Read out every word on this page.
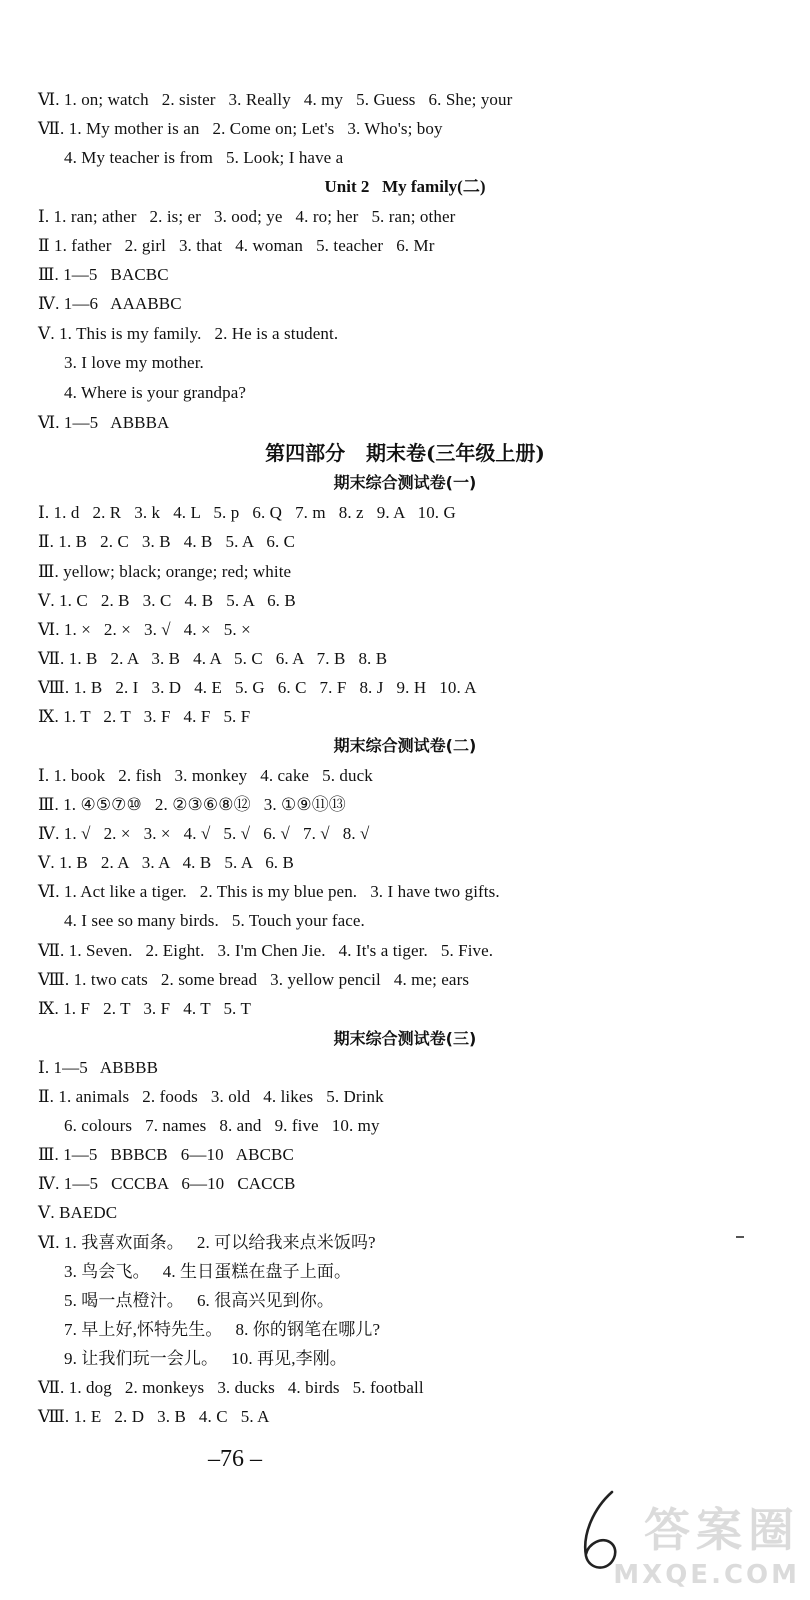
Ⅵ. 1. on; watch   2. sister   3. Really   4. my   5. Guess   6. She; your
Ⅶ. 1. My mother is an   2. Come on; Let's   3. Who's; boy
4. My teacher is from   5. Look; I have a
Unit 2   My family(二)
Ⅰ. 1. ran; ather   2. is; er   3. ood; ye   4. ro; her   5. ran; other
Ⅱ 1. father   2. girl   3. that   4. woman   5. teacher   6. Mr
Ⅲ. 1—5   BACBC
Ⅳ. 1—6   AAABBC
Ⅴ. 1. This is my family.   2. He is a student.
3. I love my mother.
4. Where is your grandpa?
Ⅵ. 1—5   ABBBA
第四部分   期末卷(三年级上册)
期末综合测试卷(一)
Ⅰ. 1. d   2. R   3. k   4. L   5. p   6. Q   7. m   8. z   9. A   10. G
Ⅱ. 1. B   2. C   3. B   4. B   5. A   6. C
Ⅲ. yellow; black; orange; red; white
Ⅴ. 1. C   2. B   3. C   4. B   5. A   6. B
Ⅵ. 1. ×   2. ×   3. √   4. ×   5. ×
Ⅶ. 1. B   2. A   3. B   4. A   5. C   6. A   7. B   8. B
Ⅷ. 1. B   2. I   3. D   4. E   5. G   6. C   7. F   8. J   9. H   10. A
Ⅸ. 1. T   2. T   3. F   4. F   5. F
期末综合测试卷(二)
Ⅰ. 1. book   2. fish   3. monkey   4. cake   5. duck
Ⅲ. 1. ④⑤⑦⑩   2. ②③⑥⑧⑫   3. ①⑨⑪⑬
Ⅳ. 1. √   2. ×   3. ×   4. √   5. √   6. √   7. √   8. √
Ⅴ. 1. B   2. A   3. A   4. B   5. A   6. B
Ⅵ. 1. Act like a tiger.   2. This is my blue pen.   3. I have two gifts.
4. I see so many birds.   5. Touch your face.
Ⅶ. 1. Seven.   2. Eight.   3. I'm Chen Jie.   4. It's a tiger.   5. Five.
Ⅷ. 1. two cats   2. some bread   3. yellow pencil   4. me; ears
Ⅸ. 1. F   2. T   3. F   4. T   5. T
期末综合测试卷(三)
Ⅰ. 1—5   ABBBB
Ⅱ. 1. animals   2. foods   3. old   4. likes   5. Drink
6. colours   7. names   8. and   9. five   10. my
Ⅲ. 1—5   BBBCB   6—10   ABCBC
Ⅳ. 1—5   CCCBA   6—10   CACCB
Ⅴ. BAEDC
Ⅵ. 1. 我喜欢面条。   2. 可以给我来点米饭吗?
3. 鸟会飞。   4. 生日蛋糕在盘子上面。
5. 喝一点橙汁。   6. 很高兴见到你。
7. 早上好,怀特先生。   8. 你的钢笔在哪儿?
9. 让我们玩一会儿。   10. 再见,李刚。
Ⅶ. 1. dog   2. monkeys   3. ducks   4. birds   5. football
Ⅷ. 1. E   2. D   3. B   4. C   5. A
–76 –
答案圈
MXQE.COM
